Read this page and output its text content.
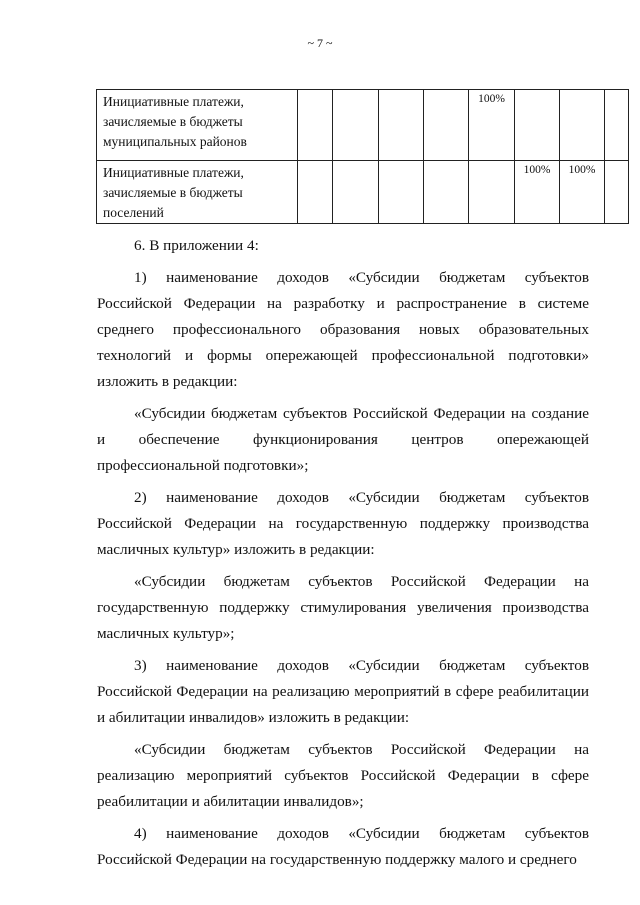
~ 7 ~
Инициативные платежи, зачисляемые в бюджеты муниципальных районов					100%			
Инициативные платежи, зачисляемые в бюджеты поселений						100%	100%	

6. В приложении 4:

1) наименование доходов «Субсидии бюджетам субъектов Российской Федерации на разработку и распространение в системе среднего профессионального образования новых образовательных технологий и формы опережающей профессиональной подготовки» изложить в редакции:

«Субсидии бюджетам субъектов Российской Федерации на создание и обеспечение функционирования центров опережающей профессиональной подготовки»;

2) наименование доходов «Субсидии бюджетам субъектов Российской Федерации на государственную поддержку производства масличных культур» изложить в редакции:

«Субсидии бюджетам субъектов Российской Федерации на государственную поддержку стимулирования увеличения производства масличных культур»;

3) наименование доходов «Субсидии бюджетам субъектов Российской Федерации на реализацию мероприятий в сфере реабилитации и абилитации инвалидов» изложить в редакции:

«Субсидии бюджетам субъектов Российской Федерации на реализацию мероприятий субъектов Российской Федерации в сфере реабилитации и абилитации инвалидов»;

4) наименование доходов «Субсидии бюджетам субъектов Российской Федерации на государственную поддержку малого и среднего
